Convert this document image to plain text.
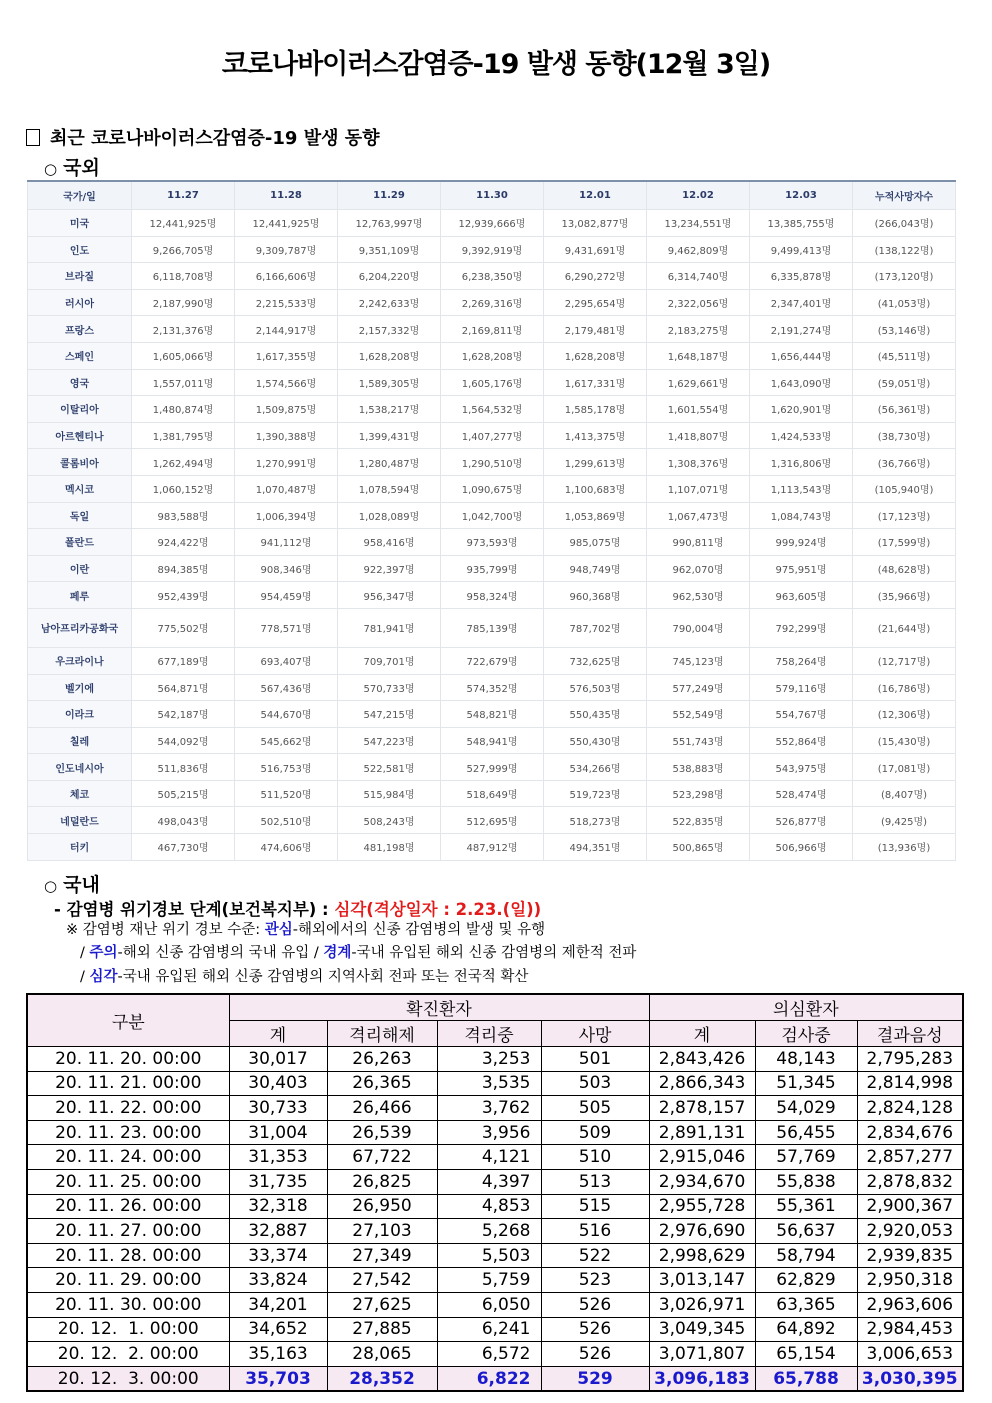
코로나바이러스감염증-19 발생 동향(12월 3일)
최근 코로나바이러스감염증-19 발생 동향
○ 국외
국가/일	11.27	11.28	11.29	11.30	12.01	12.02	12.03	누적사망자수
미국	12,441,925명	12,441,925명	12,763,997명	12,939,666명	13,082,877명	13,234,551명	13,385,755명	(266,043명)
인도	9,266,705명	9,309,787명	9,351,109명	9,392,919명	9,431,691명	9,462,809명	9,499,413명	(138,122명)
브라질	6,118,708명	6,166,606명	6,204,220명	6,238,350명	6,290,272명	6,314,740명	6,335,878명	(173,120명)
러시아	2,187,990명	2,215,533명	2,242,633명	2,269,316명	2,295,654명	2,322,056명	2,347,401명	(41,053명)
프랑스	2,131,376명	2,144,917명	2,157,332명	2,169,811명	2,179,481명	2,183,275명	2,191,274명	(53,146명)
스페인	1,605,066명	1,617,355명	1,628,208명	1,628,208명	1,628,208명	1,648,187명	1,656,444명	(45,511명)
영국	1,557,011명	1,574,566명	1,589,305명	1,605,176명	1,617,331명	1,629,661명	1,643,090명	(59,051명)
이탈리아	1,480,874명	1,509,875명	1,538,217명	1,564,532명	1,585,178명	1,601,554명	1,620,901명	(56,361명)
아르헨티나	1,381,795명	1,390,388명	1,399,431명	1,407,277명	1,413,375명	1,418,807명	1,424,533명	(38,730명)
콜롬비아	1,262,494명	1,270,991명	1,280,487명	1,290,510명	1,299,613명	1,308,376명	1,316,806명	(36,766명)
멕시코	1,060,152명	1,070,487명	1,078,594명	1,090,675명	1,100,683명	1,107,071명	1,113,543명	(105,940명)
독일	983,588명	1,006,394명	1,028,089명	1,042,700명	1,053,869명	1,067,473명	1,084,743명	(17,123명)
폴란드	924,422명	941,112명	958,416명	973,593명	985,075명	990,811명	999,924명	(17,599명)
이란	894,385명	908,346명	922,397명	935,799명	948,749명	962,070명	975,951명	(48,628명)
페루	952,439명	954,459명	956,347명	958,324명	960,368명	962,530명	963,605명	(35,966명)
남아프리카공화국	775,502명	778,571명	781,941명	785,139명	787,702명	790,004명	792,299명	(21,644명)
우크라이나	677,189명	693,407명	709,701명	722,679명	732,625명	745,123명	758,264명	(12,717명)
벨기에	564,871명	567,436명	570,733명	574,352명	576,503명	577,249명	579,116명	(16,786명)
이라크	542,187명	544,670명	547,215명	548,821명	550,435명	552,549명	554,767명	(12,306명)
칠레	544,092명	545,662명	547,223명	548,941명	550,430명	551,743명	552,864명	(15,430명)
인도네시아	511,836명	516,753명	522,581명	527,999명	534,266명	538,883명	543,975명	(17,081명)
체코	505,215명	511,520명	515,984명	518,649명	519,723명	523,298명	528,474명	(8,407명)
네덜란드	498,043명	502,510명	508,243명	512,695명	518,273명	522,835명	526,877명	(9,425명)
터키	467,730명	474,606명	481,198명	487,912명	494,351명	500,865명	506,966명	(13,936명)
○ 국내
- 감염병 위기경보 단계(보건복지부) : 심각(격상일자 : 2.23.(일))
※ 감염병 재난 위기 경보 수준: 관심-해외에서의 신종 감염병의 발생 및 유행
/ 주의-해외 신종 감염병의 국내 유입 / 경계-국내 유입된 해외 신종 감염병의 제한적 전파
/ 심각-국내 유입된 해외 신종 감염병의 지역사회 전파 또는 전국적 확산
구분	확진환자				의심환자		
	계	격리해제	격리중	사망	계	검사중	결과음성
20. 11. 20. 00:00	30,017	26,263	3,253	501	2,843,426	48,143	2,795,283
20. 11. 21. 00:00	30,403	26,365	3,535	503	2,866,343	51,345	2,814,998
20. 11. 22. 00:00	30,733	26,466	3,762	505	2,878,157	54,029	2,824,128
20. 11. 23. 00:00	31,004	26,539	3,956	509	2,891,131	56,455	2,834,676
20. 11. 24. 00:00	31,353	67,722	4,121	510	2,915,046	57,769	2,857,277
20. 11. 25. 00:00	31,735	26,825	4,397	513	2,934,670	55,838	2,878,832
20. 11. 26. 00:00	32,318	26,950	4,853	515	2,955,728	55,361	2,900,367
20. 11. 27. 00:00	32,887	27,103	5,268	516	2,976,690	56,637	2,920,053
20. 11. 28. 00:00	33,374	27,349	5,503	522	2,998,629	58,794	2,939,835
20. 11. 29. 00:00	33,824	27,542	5,759	523	3,013,147	62,829	2,950,318
20. 11. 30. 00:00	34,201	27,625	6,050	526	3,026,971	63,365	2,963,606
20. 12.  1. 00:00	34,652	27,885	6,241	526	3,049,345	64,892	2,984,453
20. 12.  2. 00:00	35,163	28,065	6,572	526	3,071,807	65,154	3,006,653
20. 12.  3. 00:00	35,703	28,352	6,822	529	3,096,183	65,788	3,030,395
